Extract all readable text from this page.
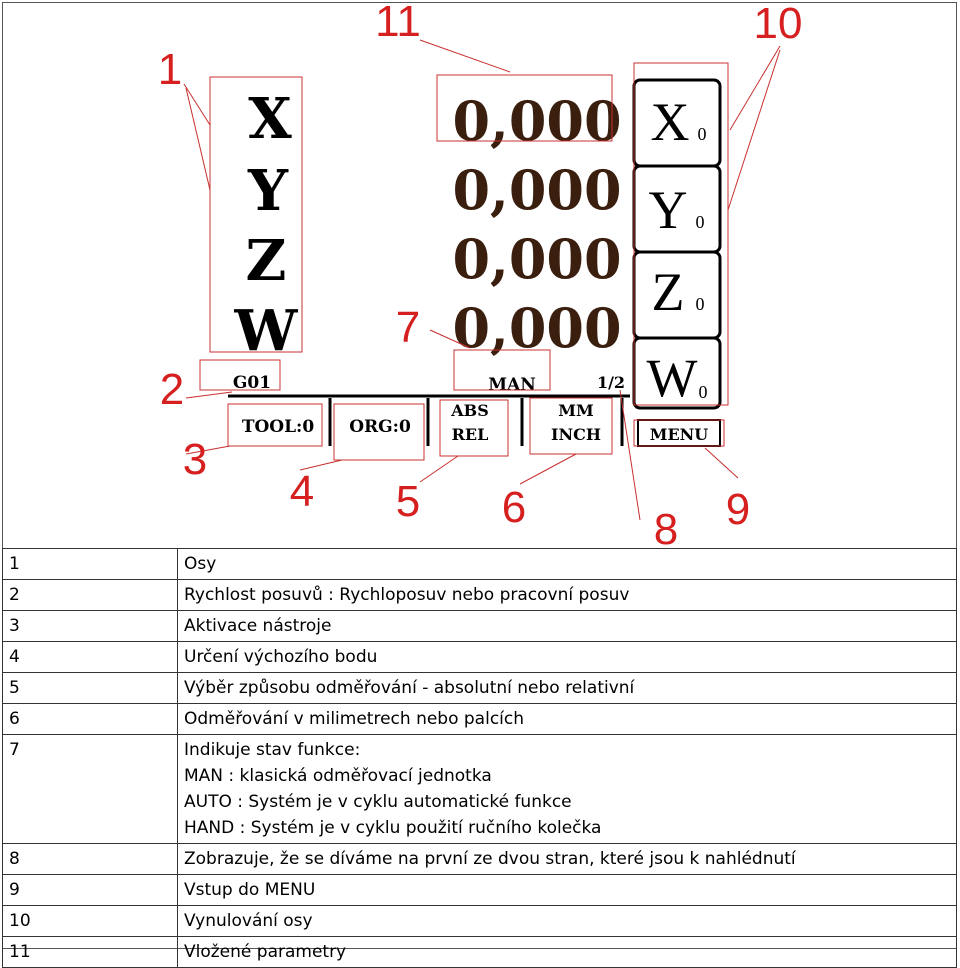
X
Y
Z
W
0,000
0,000
0,000
0,000
X 0
Y 0
Z 0
W 0
G01	MAN	1/2
TOOL:0 ORG:0
ABS
REL
MM
INCH	MENU
1
2
3
4 5 6
7
8 9
10
11
1	Osy

2	Rychlost posuvů : Rychloposuv nebo pracovní posuv

3	Aktivace nástroje

4	Určení výchozího bodu

5	Výběr způsobu odměřování - absolutní nebo relativní

6	Odměřování v milimetrech nebo palcích

7	Indikuje stav funkce:
MAN : klasická odměřovací jednotka
AUTO : Systém je v cyklu automatické funkce
HAND : Systém je v cyklu použití ručního kolečka

8	Zobrazuje, že se díváme na první ze dvou stran, které jsou k nahlédnutí

9	Vstup do MENU

10	Vynulování osy

11	Vložené parametry
